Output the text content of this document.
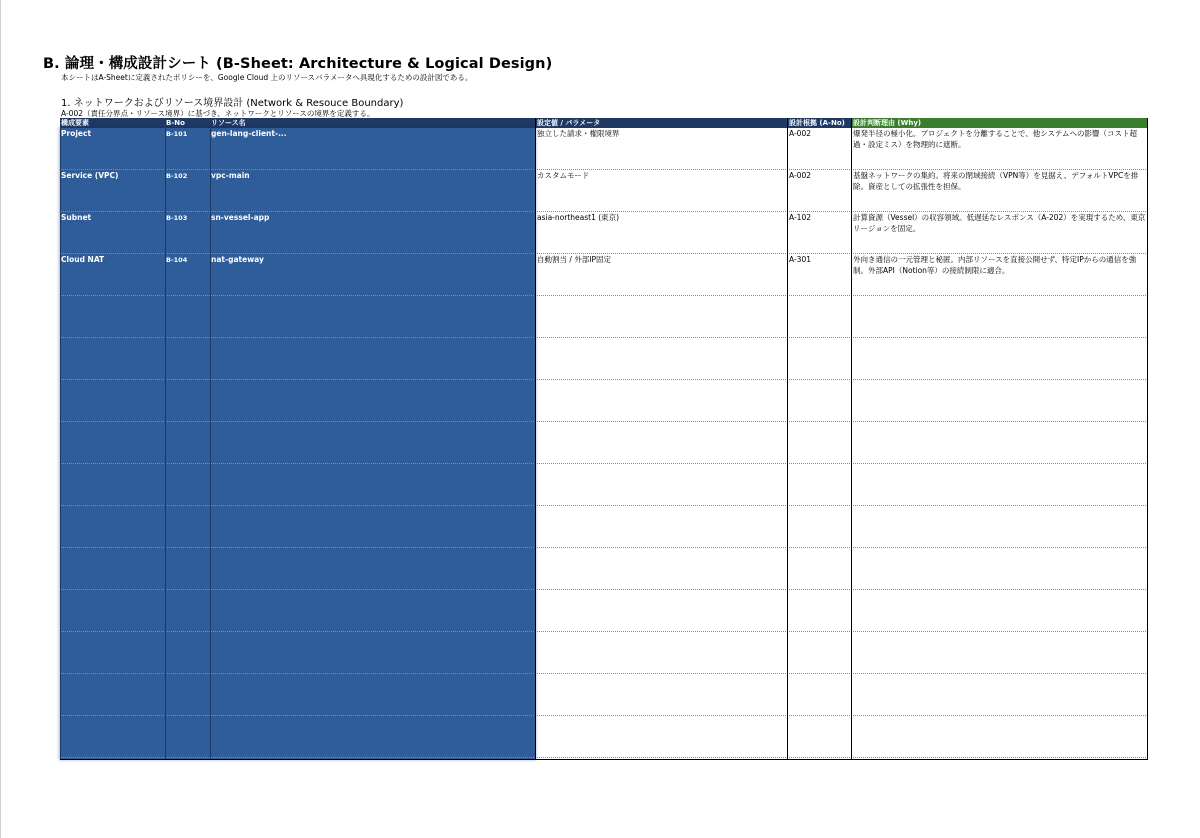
B. 論理・構成設計シート (B-Sheet: Architecture & Logical Design)
本シートはA-Sheetに定義されたポリシーを、Google Cloud 上のリソースパラメータへ具現化するための設計図である。
1. ネットワークおよびリソース境界設計 (Network & Resouce Boundary)
A-002（責任分界点・リソース境界）に基づき、ネットワークとリソースの境界を定義する。
構成要素	B-No	リソース名	設定値 / パラメータ	設計根拠 (A-No)	設計判断理由 (Why)
Project	B-101	gen-lang-client-...	独立した請求・権限境界	A-002	爆発半径の極小化。プロジェクトを分離することで、他システムへの影響（コスト超過・設定ミス）を物理的に遮断。
Service (VPC)	B-102	vpc-main	カスタムモード	A-002	基盤ネットワークの集約。将来の閉域接続（VPN等）を見据え、デフォルトVPCを排除。資産としての拡張性を担保。
Subnet	B-103	sn-vessel-app	asia-northeast1 (東京)	A-102	計算資源（Vessel）の収容領域。低遅延なレスポンス（A-202）を実現するため、東京リージョンを固定。
Cloud NAT	B-104	nat-gateway	自動割当 / 外部IP固定	A-301	外向き通信の一元管理と秘匿。内部リソースを直接公開せず、特定IPからの通信を強制。外部API（Notion等）の接続制限に適合。
